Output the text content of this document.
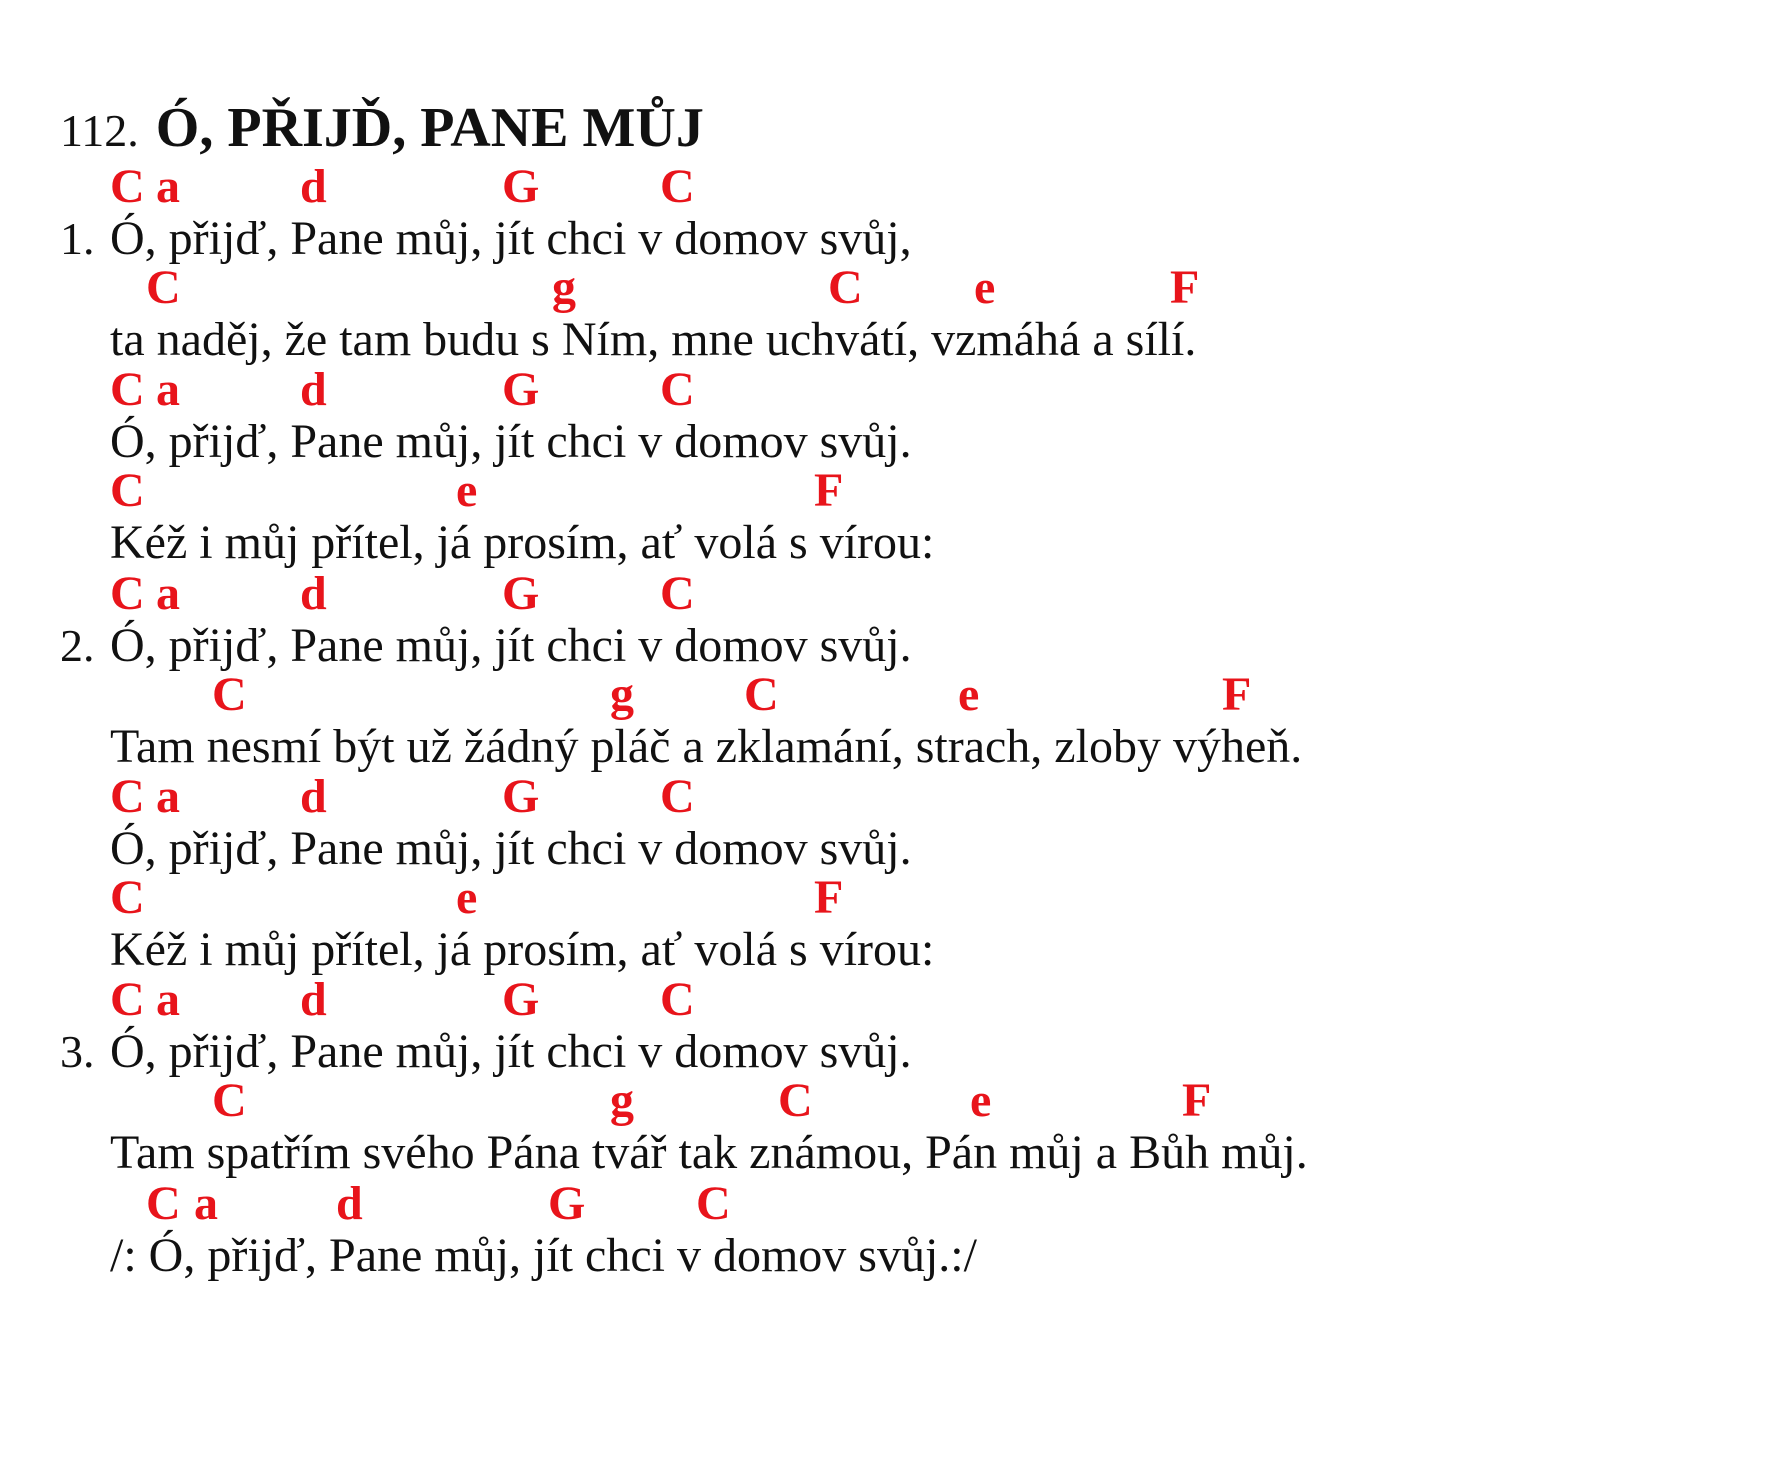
112. Ó, PŘIJĎ, PANE MŮJ
C a	d	G	C
1. Ó, přijď, Pane můj, jít chci v domov svůj,
C	g	C e	F
ta naděj, že tam budu s Ním, mne uchvátí, vzmáhá a sílí.
C a	d	G	C
Ó, přijď, Pane můj, jít chci v domov svůj.
C	e	F
Kéž i můj přítel, já prosím, ať volá s vírou:
C a	d	G	C
2. Ó, přijď, Pane můj, jít chci v domov svůj.
C	g C	e	F
Tam nesmí být už žádný pláč a zklamání, strach, zloby výheň.
C a	d	G	C
Ó, přijď, Pane můj, jít chci v domov svůj.
C	e	F
Kéž i můj přítel, já prosím, ať volá s vírou:
C a	d	G	C
3. Ó, přijď, Pane můj, jít chci v domov svůj.
C	g	C	e	F
Tam spatřím svého Pána tvář tak známou, Pán můj a Bůh můj.
C a d	G C
/: Ó, přijď, Pane můj, jít chci v domov svůj.:/
